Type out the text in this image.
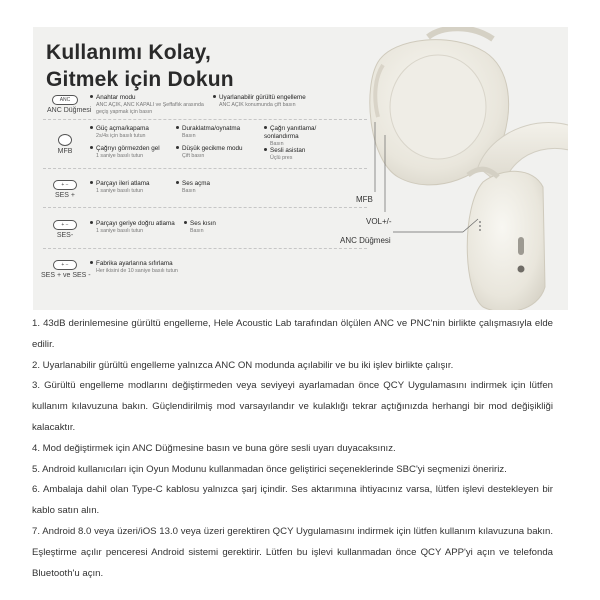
Kullanımı Kolay,
Gitmek için Dokun
MFB
VOL+/-
ANC Düğmesi
ANC
ANC Düğmesi
Anahtar modu
ANC AÇIK, ANC KAPALI ve Şeffaflık arasında geçiş yapmak için basın
Uyarlanabilir gürültü engelleme
ANC AÇIK konumunda çift basın
MFB
Güç açma/kapama
2s/4s için basılı tutun
Duraklatma/oynatma
Basın
Çağrı yanıtlama/ sonlandırma
Basın
Çağrıyı görmezden gel
1 saniye basılı tutun
Düşük gecikme modu
Çift basın
Sesli asistan
Üçlü pres
+ −
SES +
Parçayı ileri atlama
1 saniye basılı tutun
Ses açma
Basın
+ −
SES-
Parçayı geriye doğru atlama
1 saniye basılı tutun
Ses kısın
Basın
+ −
SES + ve SES -
Fabrika ayarlarına sıfırlama
Her ikisini de 10 saniye basılı tutun

1. 43dB derinlemesine gürültü engelleme, Hele Acoustic Lab tarafından ölçülen ANC ve PNC'nin birlikte çalışmasıyla elde edilir.

2. Uyarlanabilir gürültü engelleme yalnızca ANC ON modunda açılabilir ve bu iki işlev birlikte çalışır.

3. Gürültü engelleme modlarını değiştirmeden veya seviyeyi ayarlamadan önce QCY Uygulamasını indirmek için lütfen kullanım kılavuzuna bakın. Güçlendirilmiş mod varsayılandır ve kulaklığı tekrar açtığınızda herhangi bir mod değişikliği kalacaktır.

4. Mod değiştirmek için ANC Düğmesine basın ve buna göre sesli uyarı duyacaksınız.

5. Android kullanıcıları için Oyun Modunu kullanmadan önce geliştirici seçeneklerinde SBC'yi seçmenizi öneririz.

6. Ambalaja dahil olan Type-C kablosu yalnızca şarj içindir. Ses aktarımına ihtiyacınız varsa, lütfen işlevi destekleyen bir kablo satın alın.

7. Android 8.0 veya üzeri/iOS 13.0 veya üzeri gerektiren QCY Uygulamasını indirmek için lütfen kullanım kılavuzuna bakın. Eşleştirme açılır penceresi Android sistemi gerektirir. Lütfen bu işlevi kullanmadan önce QCY APP'yi açın ve telefonda Bluetooth'u açın.
